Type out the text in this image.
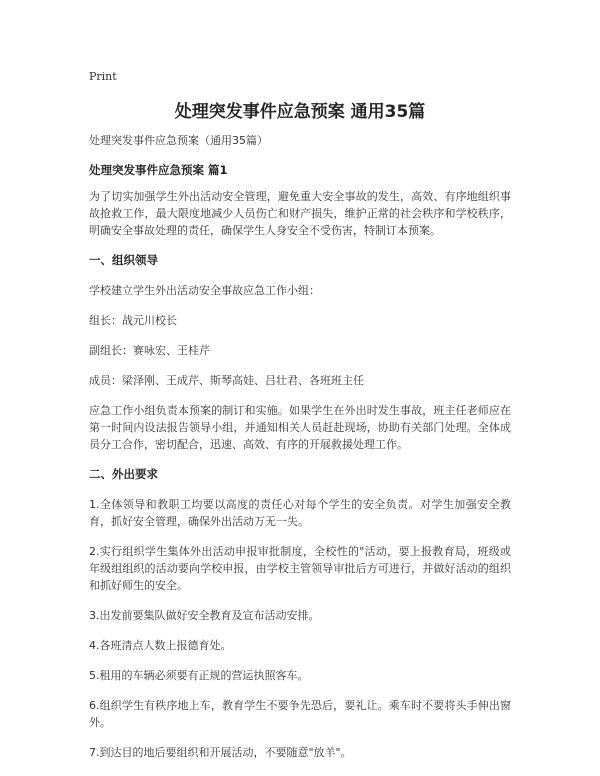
Print
处理突发事件应急预案 通用35篇

处理突发事件应急预案（通用35篇）

处理突发事件应急预案 篇1

为了切实加强学生外出活动安全管理，避免重大安全事故的发生，高效、有序地组织事故抢救工作，最大限度地减少人员伤亡和财产损失，维护正常的社会秩序和学校秩序，明确安全事故处理的责任，确保学生人身安全不受伤害，特制订本预案。

一、组织领导

学校建立学生外出活动安全事故应急工作小组：

组长：战元川校长

副组长：赛咏宏、王桂芹

成员：梁泽刚、王成芹、斯琴高娃、吕壮君、各班班主任

应急工作小组负责本预案的制订和实施。如果学生在外出时发生事故，班主任老师应在第一时间内设法报告领导小组，并通知相关人员赶赴现场，协助有关部门处理。全体成员分工合作，密切配合，迅速、高效、有序的开展救援处理工作。

二、外出要求

1.全体领导和教职工均要以高度的责任心对每个学生的安全负责。对学生加强安全教育，抓好安全管理，确保外出活动万无一失。

2.实行组织学生集体外出活动申报审批制度，全校性的"活动，要上报教育局，班级或年级组组织的活动要向学校申报，由学校主管领导审批后方可进行，并做好活动的组织和抓好师生的安全。

3.出发前要集队做好安全教育及宣布活动安排。

4.各班清点人数上报德育处。

5.租用的车辆必须要有正规的营运执照客车。

6.组织学生有秩序地上车，教育学生不要争先恐后，要礼让。乘车时不要将头手伸出窗外。

7.到达目的地后要组织和开展活动，不要随意"放羊"。
